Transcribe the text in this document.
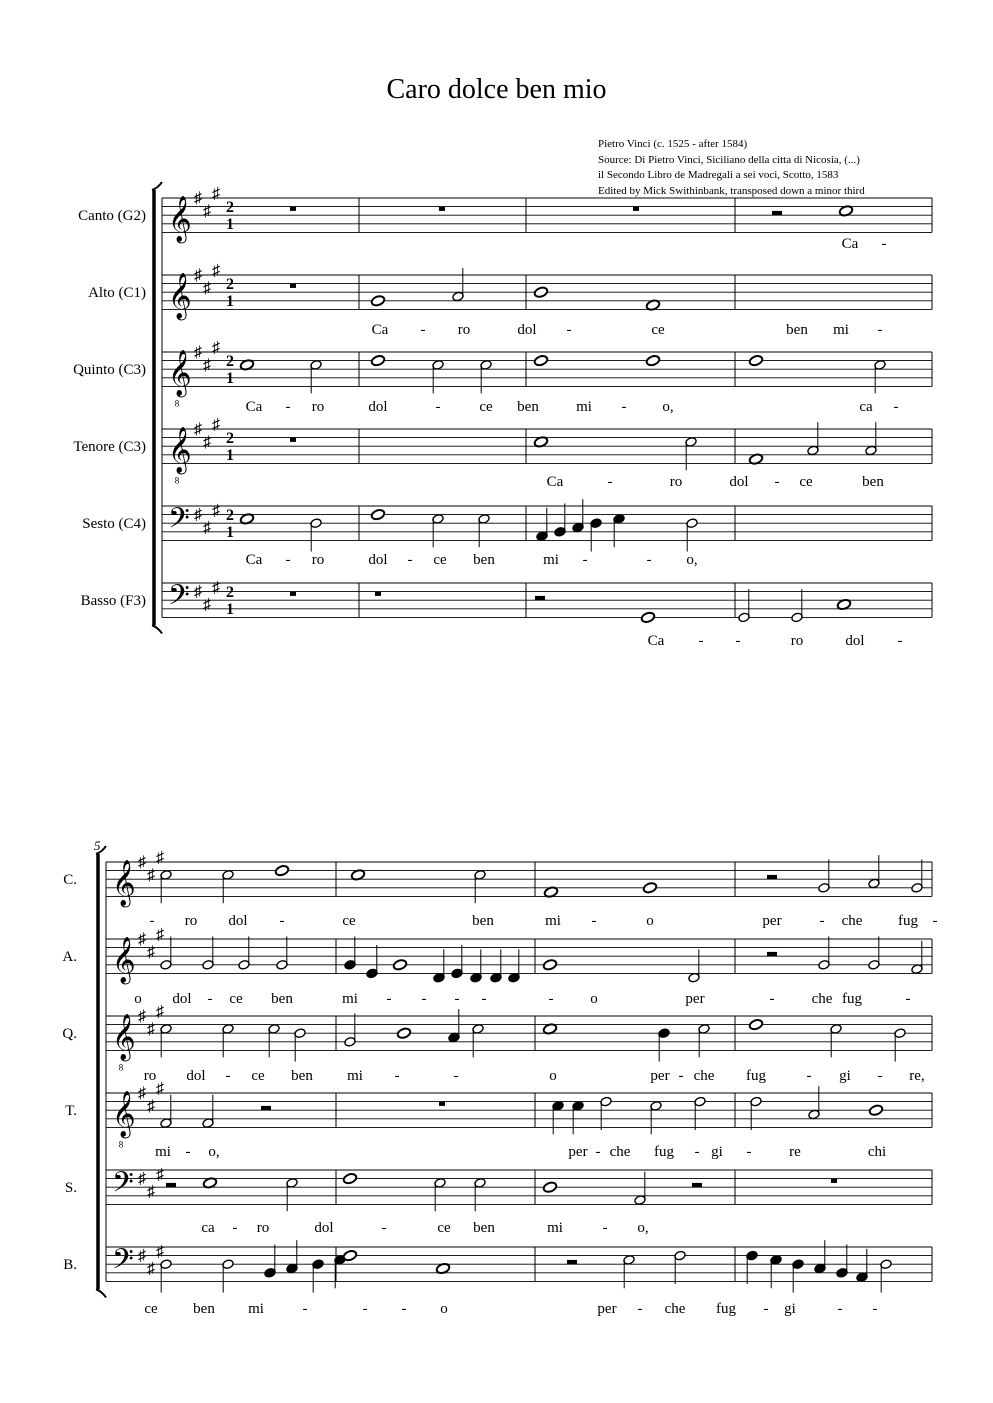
Caro dolce ben mio
Pietro Vinci (c. 1525 - after 1584)
Source: Di Pietro Vinci, Siciliano della citta di Nicosia, (...)
il Secondo Libro de Madregali a sei voci, Scotto, 1583
Edited by Mick Swithinbank, transposed down a minor third
Canto (G2) 𝄞 ♯
♯
♯
2
1
Ca -
Alto (C1) 𝄞 ♯
♯
♯
2
1
Ca - ro	dol -	ce	ben mi -
Quinto (C3) 𝄞
8
♯
♯
♯
2
1
Ca - ro	dol	-	ce ben mi - o,	ca -
Tenore (C3) 𝄞
8
♯
♯
♯
2
1
Ca	-	ro	dol - ce	ben
Sesto (C4) 𝄢 ♯
♯
♯ 2
1
Ca - ro	dol - ce ben	mi -	- o,
Basso (F3) 𝄢 ♯
♯
♯ 2
1
Ca - -	ro	dol -
5
C. 𝄞 ♯
♯
♯
- ro dol -	ce	ben	mi -	o	per	- che fug -
A. 𝄞 ♯
♯
♯
o dol - ce ben	mi - - - -	- o	per	- che fug	-
Q. 𝄞
8
♯
♯
♯
ro dol - ce ben mi -	-	o	per - che fug	- gi - re,
T. 𝄞
8
♯
♯
♯
mi - o,	per - che fug - gi -	re	chi
S. 𝄢 ♯
♯
♯
ca - ro	dol	-	ce ben	mi	- o,
B. 𝄢 ♯
♯
♯
ce ben mi	-	- - o	per - che fug - gi	- -
